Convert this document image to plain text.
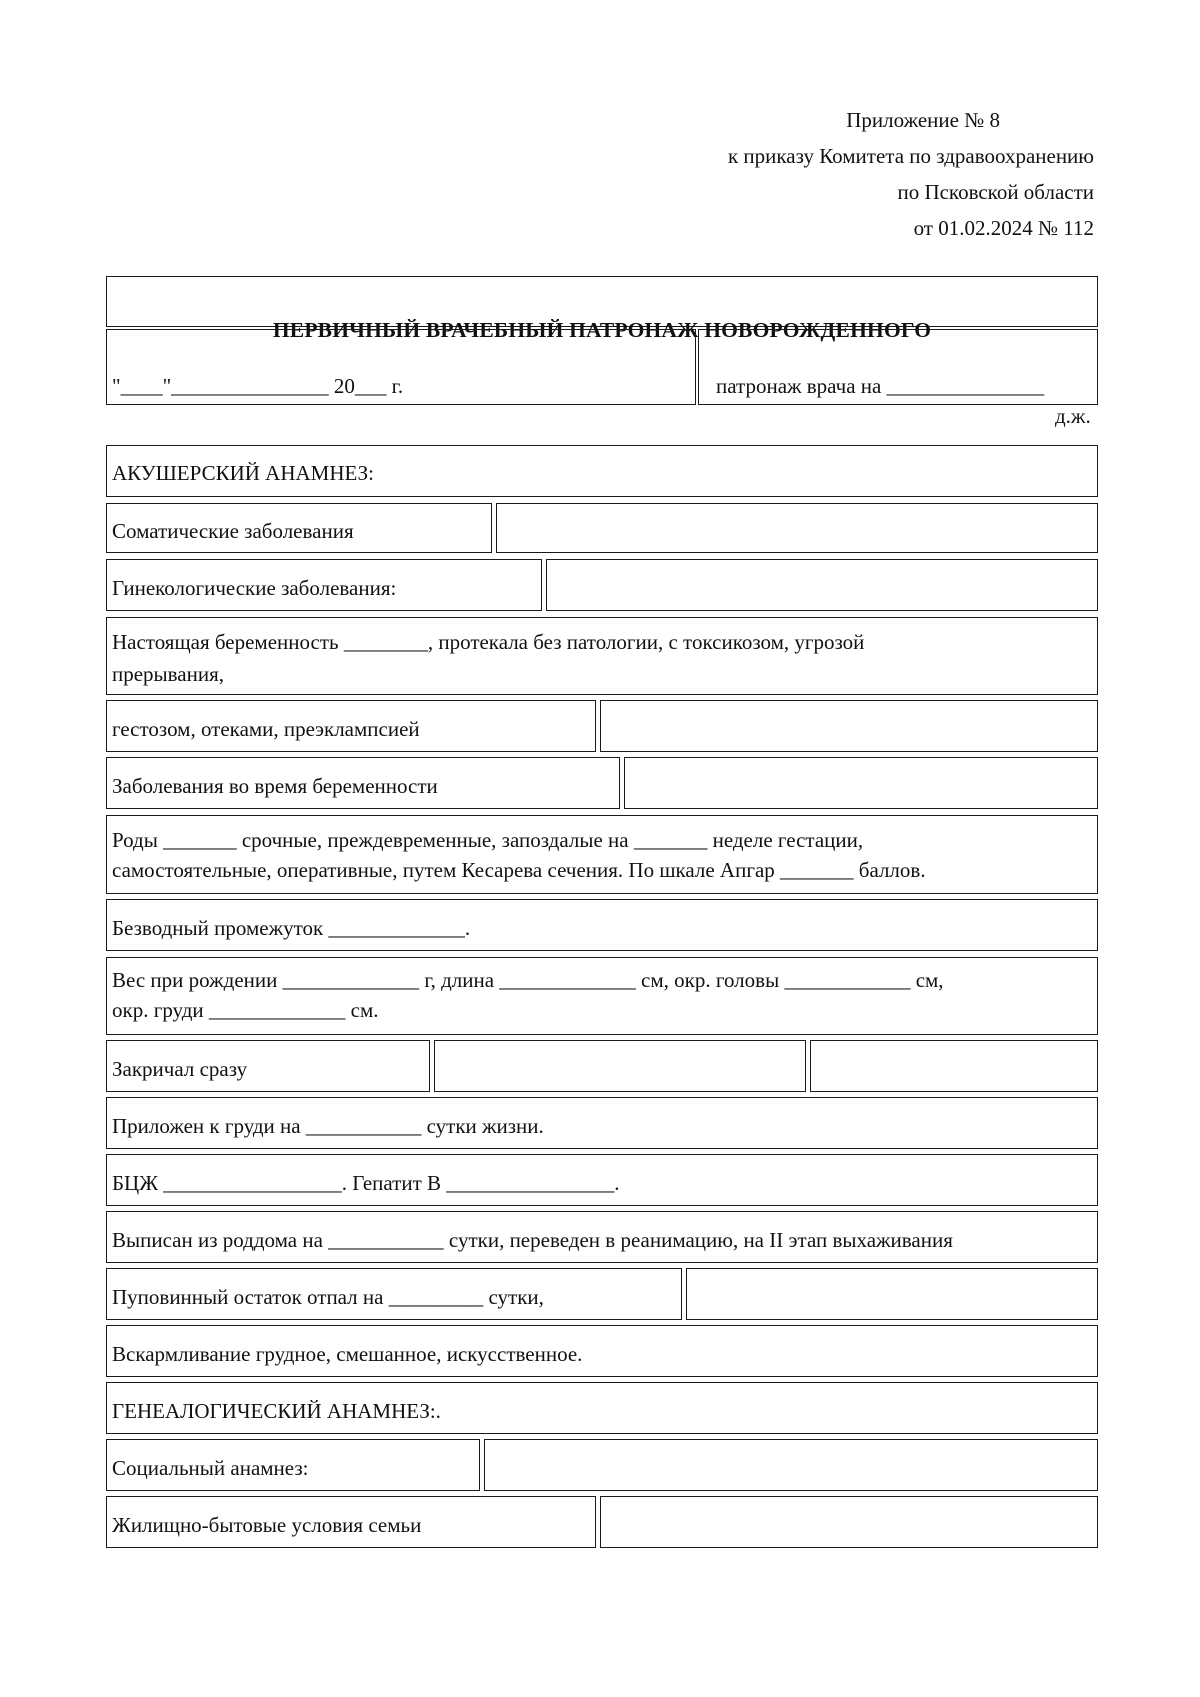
Приложение № 8
к приказу Комитета по здравоохранению
по Псковской области
от 01.02.2024 № 112
ПЕРВИЧНЫЙ ВРАЧЕБНЫЙ ПАТРОНАЖ НОВОРОЖДЕННОГО
"____"_______________ 20___ г.	патронаж врача на _______________
д.ж.
АКУШЕРСКИЙ АНАМНЕЗ:
Соматические заболевания
Гинекологические заболевания:
Настоящая беременность ________, протекала без патологии, с токсикозом, угрозой
прерывания,
гестозом, отеками, преэклампсией
Заболевания во время беременности
Роды _______ срочные, преждевременные, запоздалые на _______ неделе гестации,
самостоятельные, оперативные, путем Кесарева сечения. По шкале Апгар _______ баллов.
Безводный промежуток _____________.
Вес при рождении _____________ г, длина _____________ см, окр. головы ____________ см,
окр. груди _____________ см.
Закричал сразу
Приложен к груди на ___________ сутки жизни.
БЦЖ _________________. Гепатит В ________________.
Выписан из роддома на ___________ сутки, переведен в реанимацию, на II этап выхаживания
Пуповинный остаток отпал на _________ сутки,
Вскармливание грудное, смешанное, искусственное.
ГЕНЕАЛОГИЧЕСКИЙ АНАМНЕЗ:.
Социальный анамнез:
Жилищно-бытовые условия семьи
